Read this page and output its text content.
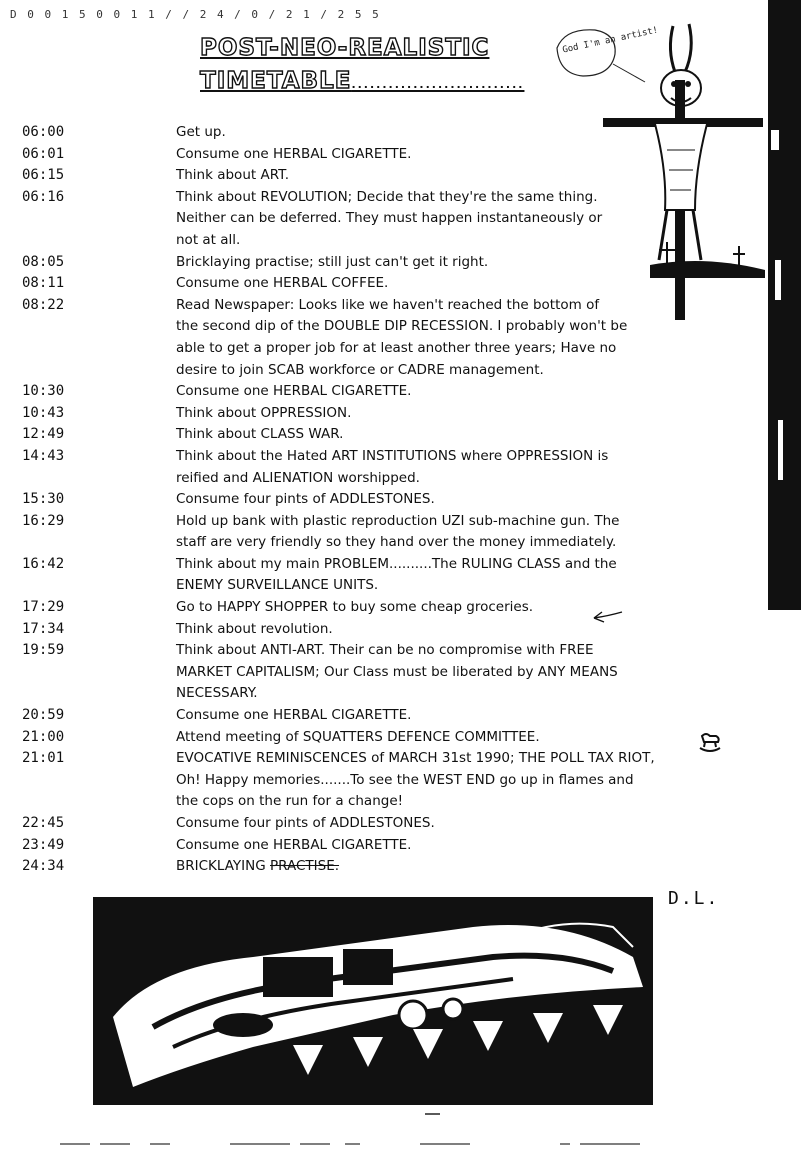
D 0 0 1 5 0 0 1 1 / / 2 4 / 0 / 2 1 / 2 5 5
POST-NEO-REALISTIC
TIMETABLE............................
God I'm an artist!
06:00	Get up.
06:01	Consume one HERBAL CIGARETTE.
06:15	Think about ART.
06:16	Think about REVOLUTION; Decide that they're the same thing.
Neither can be deferred. They must happen instantaneously or
not at all.
08:05	Bricklaying practise; still just can't get it right.
08:11	Consume one HERBAL COFFEE.
08:22	Read Newspaper: Looks like we haven't reached the bottom of
the second dip of the DOUBLE DIP RECESSION. I probably won't be
able to get a proper job for at least another three years; Have no
desire to join SCAB workforce or CADRE management.
10:30	Consume one HERBAL CIGARETTE.
10:43	Think about OPPRESSION.
12:49	Think about CLASS WAR.
14:43	Think about the Hated ART INSTITUTIONS where OPPRESSION is
reified and ALIENATION worshipped.
15:30	Consume four pints of ADDLESTONES.
16:29	Hold up bank with plastic reproduction UZI sub-machine gun. The
staff are very friendly so they hand over the money immediately.
16:42	Think about my main PROBLEM..........The RULING CLASS and the
ENEMY SURVEILLANCE UNITS.
17:29	Go to HAPPY SHOPPER to buy some cheap groceries.
17:34	Think about revolution.
19:59	Think about ANTI-ART. Their can be no compromise with FREE
MARKET CAPITALISM; Our Class must be liberated by ANY MEANS
NECESSARY.
20:59	Consume one HERBAL CIGARETTE.
21:00	Attend meeting of SQUATTERS DEFENCE COMMITTEE.
21:01	EVOCATIVE REMINISCENCES of MARCH 31st 1990; THE POLL TAX RIOT,
Oh! Happy memories.......To see the WEST END go up in flames and
the cops on the run for a change!
22:45	Consume four pints of ADDLESTONES.
23:49	Consume one HERBAL CIGARETTE.
24:34	BRICKLAYING PRACTISE.
D.L.
